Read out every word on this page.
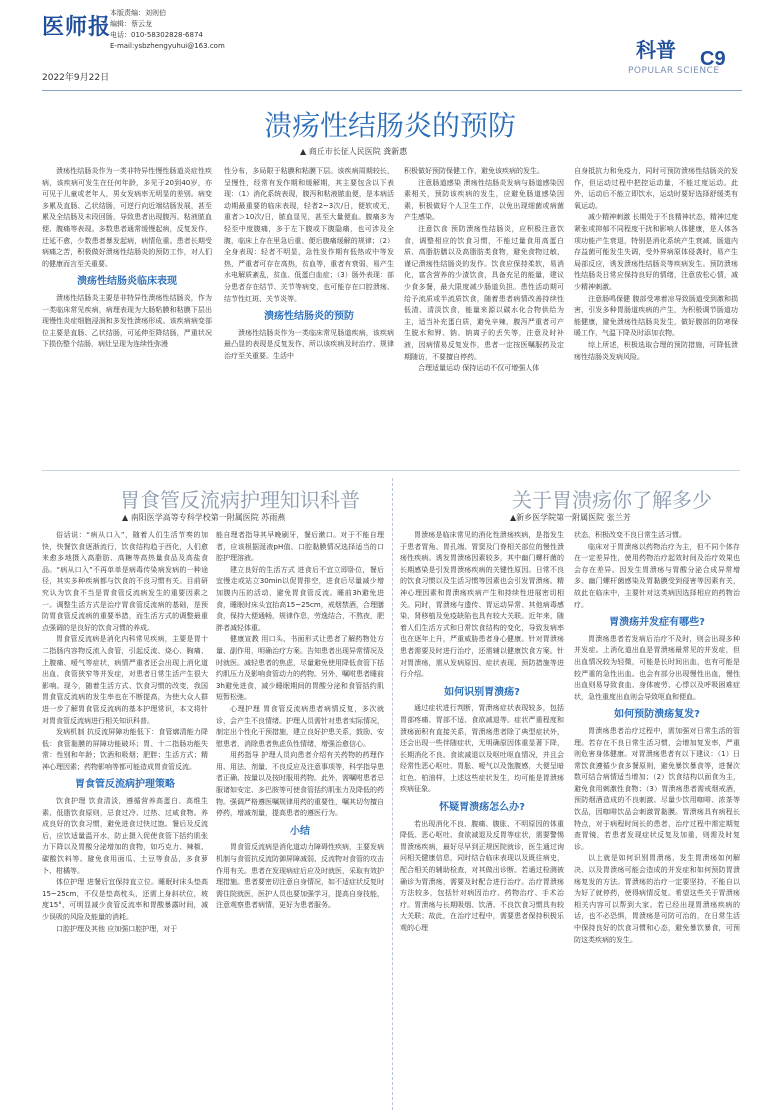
医师报
本版责编：刘则伯
编辑：蔡云龙
电话：010-58302828-6874
E-mail:ysbzhengyuhui@163.com
2022年9月22日
科普
POPULAR SCIENCE
C9
溃疡性结肠炎的预防
▲ 商丘市长征人民医院 龚新惠

溃疡性结肠炎作为一类非特异性慢性肠道炎症性疾病，该疾病可发生在任何年龄，多见于20到40岁，亦可见于儿童或老年人，男女发病率无明显的差别。病变多累及直肠、乙状结肠，可逆行向近端结肠发展，甚至累及全结肠及末段回肠，导致患者出现腹泻、粘液脓血便、腹痛等表现。多数患者通常缓慢起病，反复发作，迁延不愈，少数患者暴发起病，病情危重。患者长期受病痛之苦，积极做好溃疡性结肠炎的预防工作，对人们的健康而言至关重要。

溃疡性结肠炎临床表现

溃疡性结肠炎主要是非特异性溃疡性结肠炎，作为一类临床常见疾病，病理表现为大肠粘膜和粘膜下层出现慢性炎症细胞浸润和多发性溃疡形成。该疾病病变部位主要是直肠、乙状结肠，可延伸至降结肠，严重状况下损伤整个结肠，病灶呈现为连续性弥漫

性分布，多局限于粘膜和粘膜下层。该疾病周期较长，呈慢性，经常有发作期和缓解期，其主要包含以下表现：（1）消化系统表现，腹泻和粘液脓血便，是本病活动期最重要的临床表现，轻者2~3次/日，便软或无，重者＞10次/日，脓血显见，甚至大量便血。腹痛多为轻至中度腹痛，多于左下腹或下腹隐痛，也可涉及全腹，临床上存在里急后重、便后腹痛缓解的规律；（2）全身表现：轻者不明显，急性发作期有低热或中等发热，严重者可存在高热，贫血等，重者有衰弱，易产生水电解质紊乱，贫血、低蛋白血症；（3）肠外表现：部分患者存在结节、关节等病变，也可能存在口腔溃疡、结节性红斑、关节炎等。

溃疡性结肠炎的预防

溃疡性结肠炎作为一类临床常见肠道疾病，该疾病最凸显的表现是反复发作，所以该疾病及时治疗、规律治疗至关重要。生活中

积极做好预防保健工作，避免该疾病的发生。

注意肠道感染 溃疡性结肠炎发病与肠道感染因素相关，预防该疾病的发生，应避免肠道感染因素，积极做好个人卫生工作，以免出现细菌或病菌产生感染。

注意饮食 预防溃疡性结肠炎，应积极注意饮食，调整相应的饮食习惯，不能过量食用高蛋白质、高脂肪膳以及高脂肪类食物，避免食物过敏，谨记溃疡性结肠炎的发作。饮食应保持柔软，易消化，富含营养的少渣饮食，具备充足的能量，建议少食多餐，最大限度减少肠道负担。患性活动期可给予流质或半流质饮食，随着患者病情改善持续性低渣、清淡饮食，能量来源以碳水化合物供给为主，适当补充蛋白质，避免辛辣，腹泻严重者可产生脱水和钾、钠、钠离子的丢失等，注意及时补液，因病情易反复发作，患者一定按医嘱服药及定期随访，不要擅自停药。

合理适量运动 保持运动不仅可增强人体

自身抵抗力和免疫力，同时可预防溃疡性结肠炎的发作，但运动过程中把控运动量，不能过度运动。此外，运动后不能立即饮水，运动时要好选择舒缓类有氧运动。

减少精神刺激 长期处于不良精神状态，精神过度紧张或抑郁不同程度干扰和影响人体健康，是人体各项功能产生衰退，特别是消化系统产生衰减，肠道内存益菌可能发生失调，受外界病原体侵袭时，易产生局部反应，诱发溃疡性结肠炎等疾病发生。预防溃疡性结肠炎日常应保持良好的情绪，注意放松心情，减少精神刺激。

注意肠鸣保健 腹部受寒着凉导致肠道受到激和损害，引发多种胃肠道疾病的产生，为积极调节肠道功能健康，避免溃疡性结肠炎发生，做好腹部的防寒保暖工作，气温下降及时添加衣物。

综上所述，积极选取合理的预防措施，可降低溃疡性结肠炎发病风险。

胃食管反流病护理知识科普
▲ 南阳医学高等专科学校第一附属医院 苏雨燕

俗话说：“病从口入”，随着人们生活节奏的加快，快餐饮食逐渐流行，饮食结构趋于西化，人们愈来愈多地摄入高脂肪、高糖等高热量食品及高盐食品。“病从口入”不再单单是病毒传染病发病的一种途径，其实多种疾病都与饮食的不良习惯有关。目前研究认为饮食不当是胃食管反流病发生的重要因素之一。调整生活方式是治疗胃食管反流病的基础，是预防胃食管反流病的重要举措，而生活方式的调整最重点强调的是良好的饮食习惯的养成。

胃食管反流病是消化内科常见疾病，主要是胃十二指肠内容物反流入食管，引起反流、烧心、胸痛、上腹痛、嗳气等症状，病情严重者还会出现上消化道出血、食管狭窄等并发症，对患者日常生活产生很大影响。现今，随着生活方式、饮食习惯的改变，我国胃食管反流病的发生率也在不断提高，为使大众人群进一步了解胃食管反流病的基本护理常识，本文将针对胃食管反流病进行相关知识科普。

发病机制 抗反流屏障功能低下：食管廓清能力降低：食管黏膜的屏障功能破坏；胃、十二指肠功能失常：性别和年龄；饮酒和吸烟；肥胖；生活方式；精神心理因素；药物影响等都可能造成胃食管反流。

胃食管反流病护理策略

饮食护理 饮食清淡，遵循营养高蛋白、高维生素、低脂饮食原则，忌食过冷、过热、过咸食物。养成良好的饮食习惯，避免进食过快过饱。餐后及反流后，应饮适量温开水，防止摄入促使食管下括约肌张力下降以及胃酸分泌增加的食物，如巧克力、辣椒、碳酸饮料等。避免食用面瓜、土豆等食品，多食萝卜、柑橘等。

体位护理 进餐后宜保持直立位。睡眠时床头垫高15~25cm，不仅是垫高枕头，还需上身斜状位，坡度15°，可明显减少食管反流率和胃酸暴露时间，减少误吸的风险及能量的消耗。

口腔护理及其他 应加强口腔护理，对于

能自理者指导其早晚刷牙，餐后漱口。对于不能自理者，应该根据涎液pH值、口腔黏膜情况选择适当的口腔护理溶液。

建立良好的生活方式 进食后不宜立即卧位，餐后宜慢走或站立30min以促胃排空，进食后尽量减少增加腹内压的活动，避免胃食管反流。睡前3h避免进食，睡眠时床头宜抬高15~25cm，戒烟禁酒，合理膳食，保持大便通畅，规律作息，劳逸结合，不熬夜，肥胖者减轻体重。

健康宣教 用口头、书面形式让患者了解药物处方量、副作用，明确治疗方案。告知患者出现异常情况及时就医。减轻患者的焦虑，尽量避免使用降低食管下括约肌压力及影响食管动力的药物。另外，嘱咐患者睡前3h避免进食，减少睡眠期间的胃酸分泌和食管括约肌短暂松弛。

心理护理 胃食管反流病患者病情反复，多次就诊，会产生不良情绪。护理人员需针对患者实际情况，制定出个性化干预措施，建立良好护患关系，鼓励、安慰患者，消除患者焦虑负性情绪，增强治愈信心。

用药指导 护理人员向患者介绍有关药物的药理作用、用法、剂量、不良反应及注意事项等，科学指导患者正确、按量以及按时服用药物。此外，需嘱咐患者忌服诸如安定、多巴胺等可使食管括约肌张力及降低的药物。强调严格遵医嘱规律用药的重要性，嘱其切勿擅自停药，增减剂量，提高患者的遵医行为。

小结

胃食管反流病是消化道动力障碍性疾病，主要发病机制与食管抗反流防御屏障减弱、反流物对食管的攻击作用有关。患者在发现病症后应及时就医，采取有效护理措施。患者要密切注意自身情况，如不适症状反复时需住院就医，医护人员也要加强学习，提高自身技能，注意观察患者病情，更好为患者服务。

关于胃溃疡你了解多少
▲新乡医学院第一附属医院 张兰芳

胃溃疡是临床常见的消化性溃疡疾病，是指发生于患者胃角、胃孔端、胃窦及门脊相关部位的慢性溃疡性疾病。诱发胃溃疡因素较多，其中幽门螺杆菌的长期感染是引发胃溃疡疾病的关键性原因。日常不良的饮食习惯以及生活习惯等因素也会引发胃溃疡。精神心理因素和胃溃疡疾病产生和持续性进展密切相关。同时，胃溃疡与遗传、胃运动异常、其他病毒感染、肾移植及免疫缺陷也具有较大关联。近年来，随着人们生活方式和日常饮食结构的变化，导致发病率也在逐年上升，严重威胁患者身心健康。针对胃溃疡患者需要及时进行治疗，还需辅以健康饮食方案。针对胃溃疡，需从发病原因、症状表现、预防措施等进行介绍。

如何识别胃溃疡?

通过症状进行判断，胃溃疡症状表现较多，包括胃部疼痛、胃部不适、食欲减退等。症状严重程度和溃疡面积有直接关系，胃溃疡患者除了典型症状外，还会出现一些伴随症状，无明确原因体重显著下降，长期消化不良、食欲减退以及呕吐呕血情况，并且会经常性恶心呕吐、胃胀、嗳气以及饱腹感，大便呈暗红色、柏油样，上述这些症状发生，均可能是胃溃疡疾病征象。

怀疑胃溃疡怎么办?

若出现消化不良、腹痛、腹胀、不明原因的体重降低、恶心呕吐、食欲减退及反胃等症状，需要警惕胃溃疡疾病，最好尽早到正规医院就诊，医生通过询问相关健康信息，同时结合临床表现以及既往病史，配合相关的辅助检查，对其做出诊断。若通过检测被确诊为胃溃疡，需要及时配合进行治疗。治疗胃溃疡方法较多，包括针对病因治疗、药物治疗、手术治疗。胃溃疡与长期吸烟、饮酒、不良饮食习惯具有较大关联；故此，在治疗过程中，需要患者保持积极乐观的心理

状态，积极改变不良日常生活习惯。

临床对于胃溃疡以药物治疗为主，但不同个体存在一定差异性，使用药物治疗起效时间及治疗效果也会存在差异。因发生胃溃疡与胃酸分泌合成异常增多、幽门螺杆菌感染及胃黏膜受到侵害等因素有关，故此在临床中，主要针对这类病因选择相应的药物治疗。

胃溃疡并发症有哪些?

胃溃疡患者若发病后治疗不及时，则会出现多种并发症。上消化道出血是胃溃疡最常见的并发症，但出血情况较为轻微，可能是长时间出血，也有可能是较严重的急性出血。也会有部分出现慢性出血，慢性出血则易导致食血、身体疲劳、心悸以及呼吸困难症状，急性重度出血则会导致呕血和便血。

如何预防溃疡复发?

胃溃疡患者治疗过程中，需加强对日常生活的管理。若存在不良日常生活习惯，会增加复发率，严重则危害身体健康。对胃溃疡患者有以下建议：（1）日常饮食遵循少食多餐原则，避免暴饮暴食等，进餐次数可结合病情适当增加；（2）饮食结构以面食为主，避免食用刺激性食物；（3）胃溃疡患者需戒烟戒酒，预防烟酒造成的不良刺激。尽量少饮用咖啡、浓茶等饮品，因咖啡饮品会刺激胃黏膜。胃溃疡具有病程长特点，对于病程时间长的患者，治疗过程中需定期复查胃镜，若患者发现症状反复及加重，则需及时复诊。

以上就是如何识别胃溃疡、发生胃溃疡如何解决、以及胃溃疡可能会造成的并发症和如何预防胃溃疡复发的方法。胃溃疡的治疗一定要坚持，不能自以为好了就停药，使得病情反复。希望这些关于胃溃疡相关内容可以帮到大家。若已经出现胃溃疡疾病的话，也不必恐惧，胃溃疡是可防可治的，在日常生活中保持良好的饮食习惯和心态，避免暴饮暴食，可预防这类疾病的发生。
